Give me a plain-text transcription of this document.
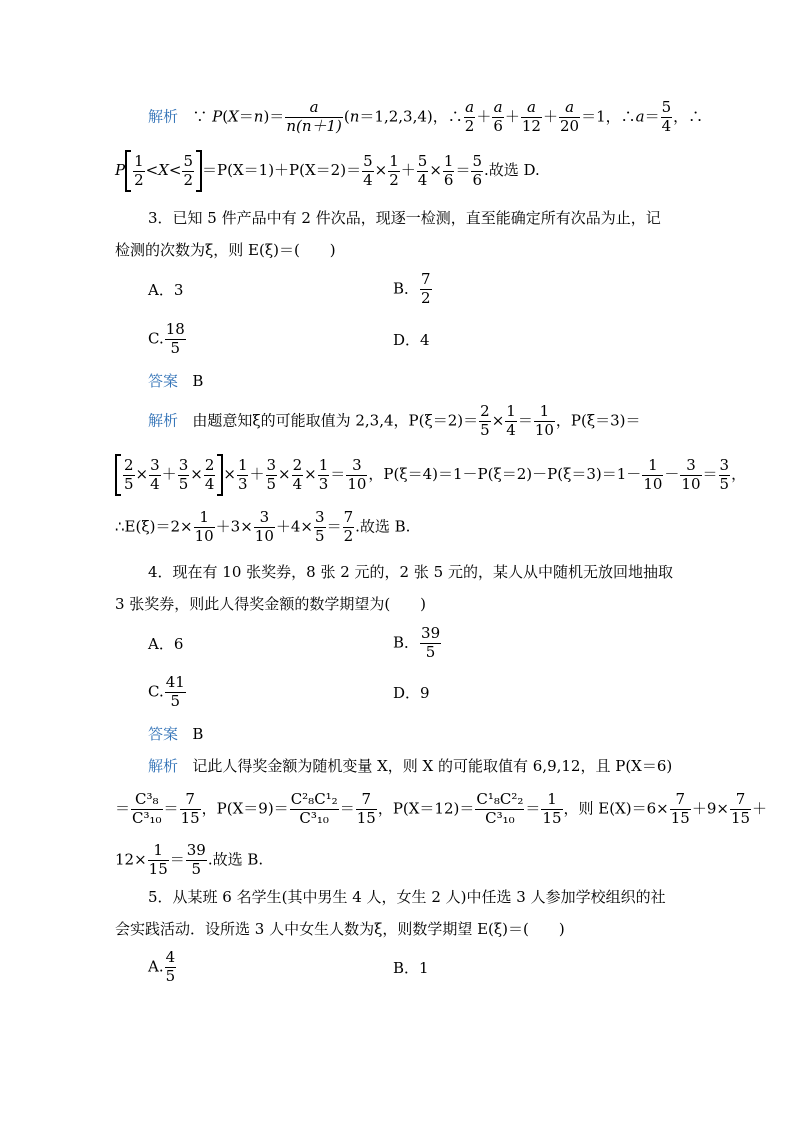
解析 ∵ $P(X=n)= \frac{a}{n(n+1)} (n=1,2,3,4)$，∴ $\frac{a}{2} + \frac{a}{6} + \frac{a}{12} + \frac{a}{20} =1$，∴a＝ $\frac{5}{4}$ ，∴
P $\frac{1}{2} <X< \frac{5}{2} =P(X=1)+P(X=2)= \frac{5}{4} \times \frac{1}{2} + \frac{5}{4} \times \frac{1}{6} = \frac{5}{6}$ .故选 D.
3．已知 5 件产品中有 2 件次品，现逐一检测，直至能确定所有次品为止，记
检测的次数为ξ，则 E(ξ)＝(　　)
A．3	B． $\frac{7}{2}$
C. $\frac{18}{5}$	D．4
答案 B
解析 由题意知ξ的可能取值为 2,3,4，$P(\xi=2)= \frac{2}{5} \times \frac{1}{4} = \frac{1}{10}$ ，P(ξ＝3)＝
$\frac{2}{5} \times \frac{3}{4} + \frac{3}{5} \times \frac{2}{4} \times \frac{1}{3} + \frac{3}{5} \times \frac{2}{4} \times \frac{1}{3} = \frac{3}{10}$ ，$P(\xi=4)=1-P(\xi=2)-P(\xi=3)=1- \frac{1}{10} - \frac{3}{10} = \frac{3}{5}$ ，
∴E(ξ)＝2× $\frac{1}{10} +3\times \frac{3}{10} +4\times \frac{3}{5} = \frac{7}{2}$ .故选 B.
4．现在有 10 张奖券，8 张 2 元的，2 张 5 元的，某人从中随机无放回地抽取
3 张奖券，则此人得奖金额的数学期望为(　　)
A．6	B． $\frac{39}{5}$
C. $\frac{41}{5}$	D．9
答案 B
解析 记此人得奖金额为随机变量 X，则 X 的可能取值有 6,9,12，且 P(X＝6)
＝ $\frac{\text{C³₈}}{\text{C³₁₀}} = \frac{7}{15}$ ，$P(X=9)= \frac{\text{C²₈C¹₂}}{\text{C³₁₀}} = \frac{7}{15}$ ，$P(X=12)= \frac{\text{C¹₈C²₂}}{\text{C³₁₀}} = \frac{1}{15}$ ，则 $E(X)=6\times \frac{7}{15} +9\times \frac{7}{15}$ ＋
$12\times \frac{1}{15} = \frac{39}{5}$ .故选 B.
5．从某班 6 名学生(其中男生 4 人，女生 2 人)中任选 3 人参加学校组织的社
会实践活动．设所选 3 人中女生人数为ξ，则数学期望 E(ξ)＝(　　)
A. $\frac{4}{5}$	B．1
